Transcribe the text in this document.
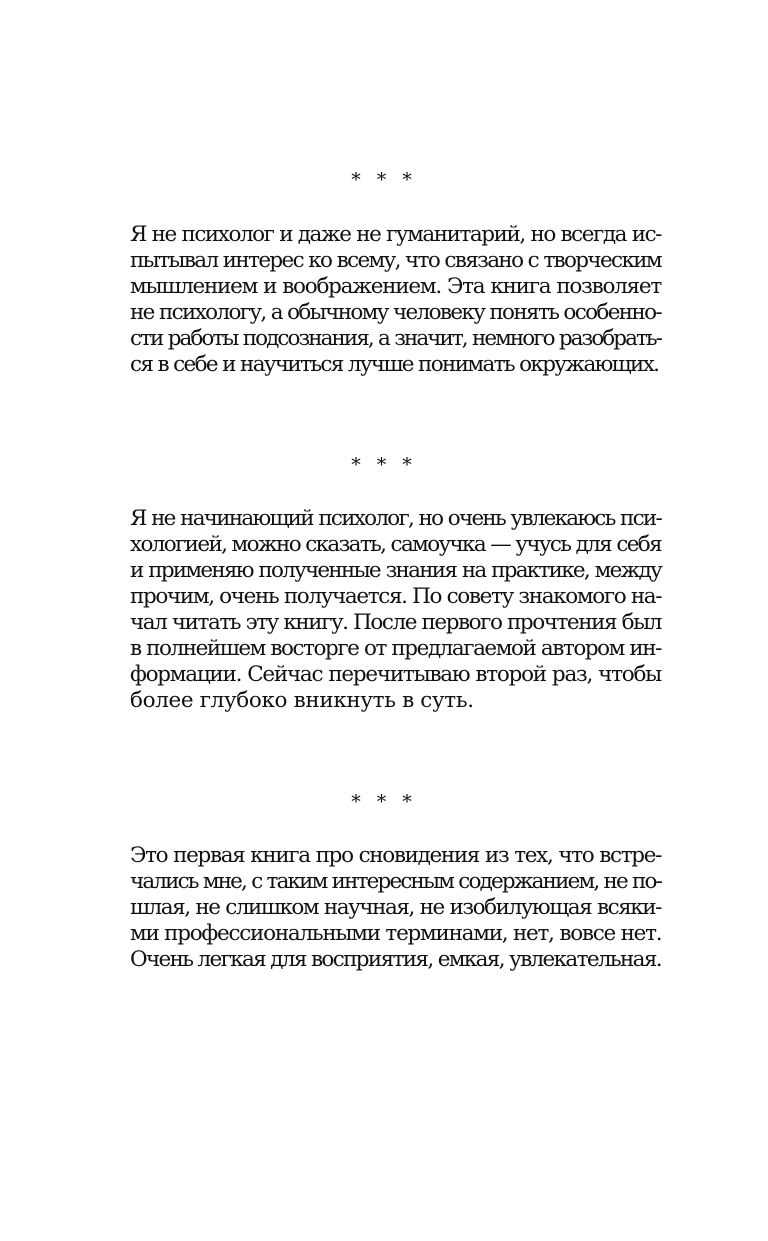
* * *
Я не психолог и даже не гуманитарий, но всегда ис-
пытывал интерес ко всему, что связано с творческим
мышлением и воображением. Эта книга позволяет
не психологу, а обычному человеку понять особенно-
сти работы подсознания, а значит, немного разобрать-
ся в себе и научиться лучше понимать окружающих.
* * *
Я не начинающий психолог, но очень увлекаюсь пси-
хологией, можно сказать, самоучка — учусь для себя
и применяю полученные знания на практике, между
прочим, очень получается. По совету знакомого на-
чал читать эту книгу. После первого прочтения был
в полнейшем восторге от предлагаемой автором ин-
формации. Сейчас перечитываю второй раз, чтобы
более глубоко вникнуть в суть.
* * *
Это первая книга про сновидения из тех, что встре-
чались мне, с таким интересным содержанием, не по-
шлая, не слишком научная, не изобилующая всяки-
ми профессиональными терминами, нет, вовсе нет.
Очень легкая для восприятия, емкая, увлекательная.
